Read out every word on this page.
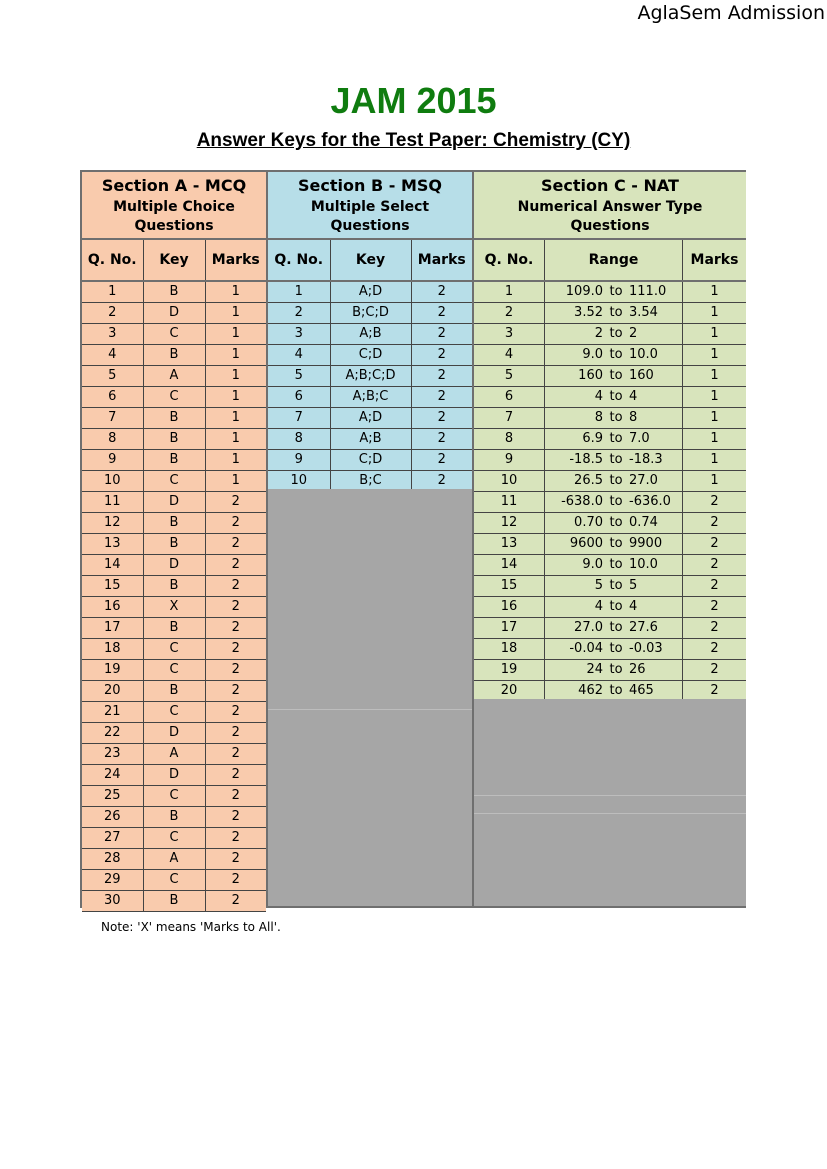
AglaSem Admission
JAM 2015
Answer Keys for the Test Paper: Chemistry (CY)
Section A - MCQ
Multiple Choice
Questions		

Q. No.	Key	Marks
1	B	1
2	D	1
3	C	1
4	B	1
5	A	1
6	C	1
7	B	1
8	B	1
9	B	1
10	C	1
11	D	2
12	B	2
13	B	2
14	D	2
15	B	2
16	X	2
17	B	2
18	C	2
19	C	2
20	B	2
21	C	2
22	D	2
23	A	2
24	D	2
25	C	2
26	B	2
27	C	2
28	A	2
29	C	2
30	B	2
Section B - MSQ
Multiple Select
Questions		

Q. No.	Key	Marks
1	A;D	2
2	B;C;D	2
3	A;B	2
4	C;D	2
5	A;B;C;D	2
6	A;B;C	2
7	A;D	2
8	A;B	2
9	C;D	2
10	B;C	2
Section C - NAT
Numerical Answer Type
Questions		

Q. No.	Range	Marks
1	109.0 to 111.0	1
2	3.52 to 3.54	1
3	2 to 2	1
4	9.0 to 10.0	1
5	160 to 160	1
6	4 to 4	1
7	8 to 8	1
8	6.9 to 7.0	1
9	-18.5 to -18.3	1
10	26.5 to 27.0	1
11	-638.0 to -636.0	2
12	0.70 to 0.74	2
13	9600 to 9900	2
14	9.0 to 10.0	2
15	5 to 5	2
16	4 to 4	2
17	27.0 to 27.6	2
18	-0.04 to -0.03	2
19	24 to 26	2
20	462 to 465	2
Note: 'X' means 'Marks to All'.
